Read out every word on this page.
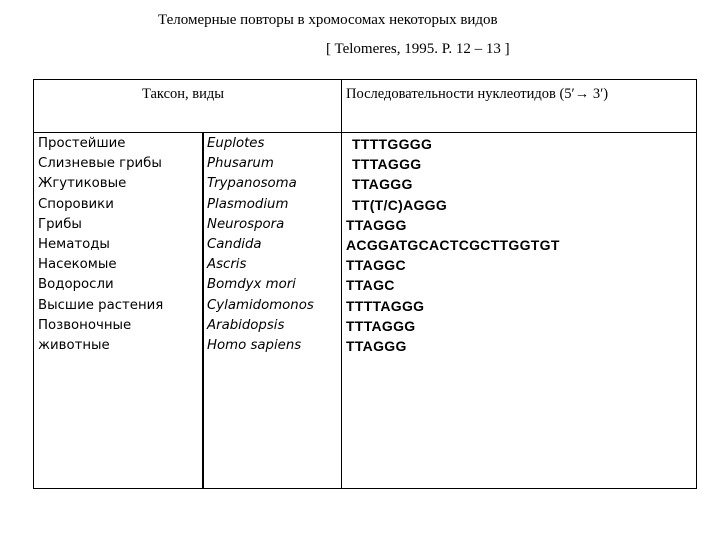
Теломерные повторы в хромосомах некоторых видов
[ Telomeres, 1995. P. 12 – 13 ]
Таксон, виды	Последовательности нуклеотидов (5′→ 3′)
Простейшие
Слизневые грибы
Жгутиковые
Споровики
Грибы
Нематоды
Насекомые
Водоросли
Высшие растения
Позвоночные
животные
Euplotes
Phusarum
Trypanosoma
Plasmodium
Neurospora
Candida
Ascris
Bomdyx mori
Cylamidomonos
Arabidopsis
Homo sapiens
TTTTGGGG
TTTAGGG
TTAGGG
TT(T/C)AGGG
TTAGGG
ACGGATGCACTCGCTTGGTGT
TTAGGC
TTAGC
TTTTAGGG
TTTAGGG
TTAGGG
